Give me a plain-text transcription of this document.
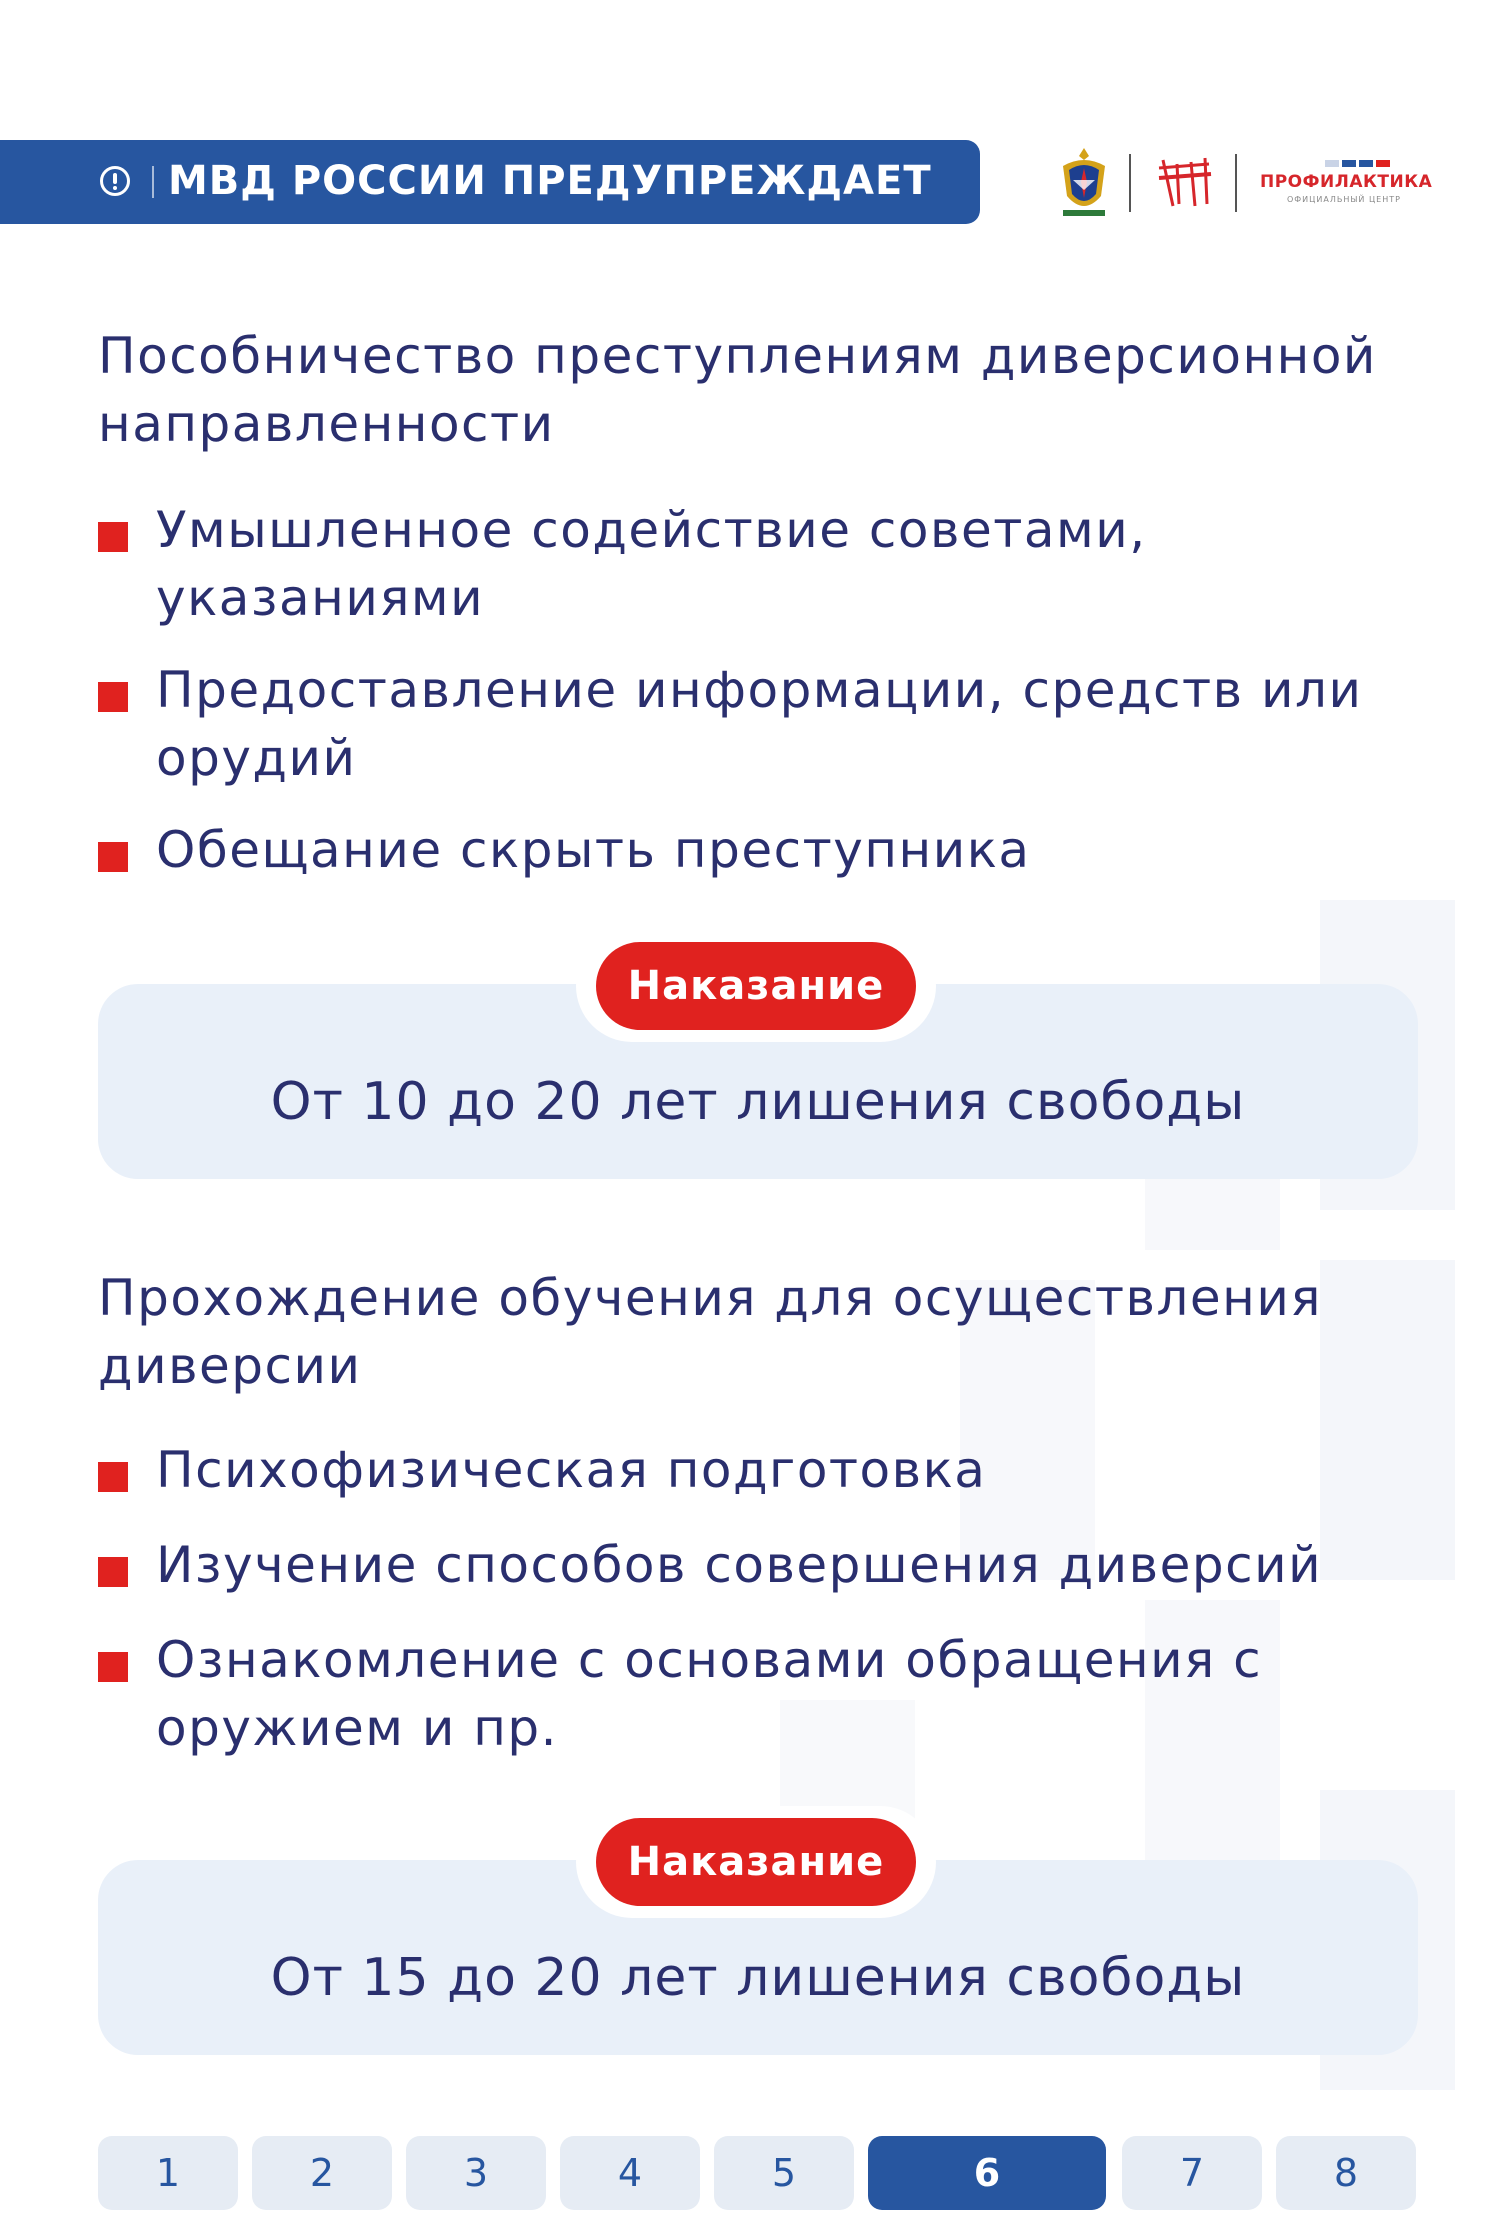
МВД РОССИИ ПРЕДУПРЕЖДАЕТ	ПРОФИЛАКТИКА
ОФИЦИАЛЬНЫЙ ЦЕНТР
Пособничество преступлениям диверсионной направленности
Умышленное содействие советами, указаниями
Предоставление информации, средств или орудий
Обещание скрыть преступника
От 10 до 20 лет лишения свободы
Наказание
Прохождение обучения для осуществления диверсии
Психофизическая подготовка
Изучение способов совершения диверсий
Ознакомление с основами обращения с оружием и пр.
От 15 до 20 лет лишения свободы
Наказание
1	2	3	4	5	6	7	8
